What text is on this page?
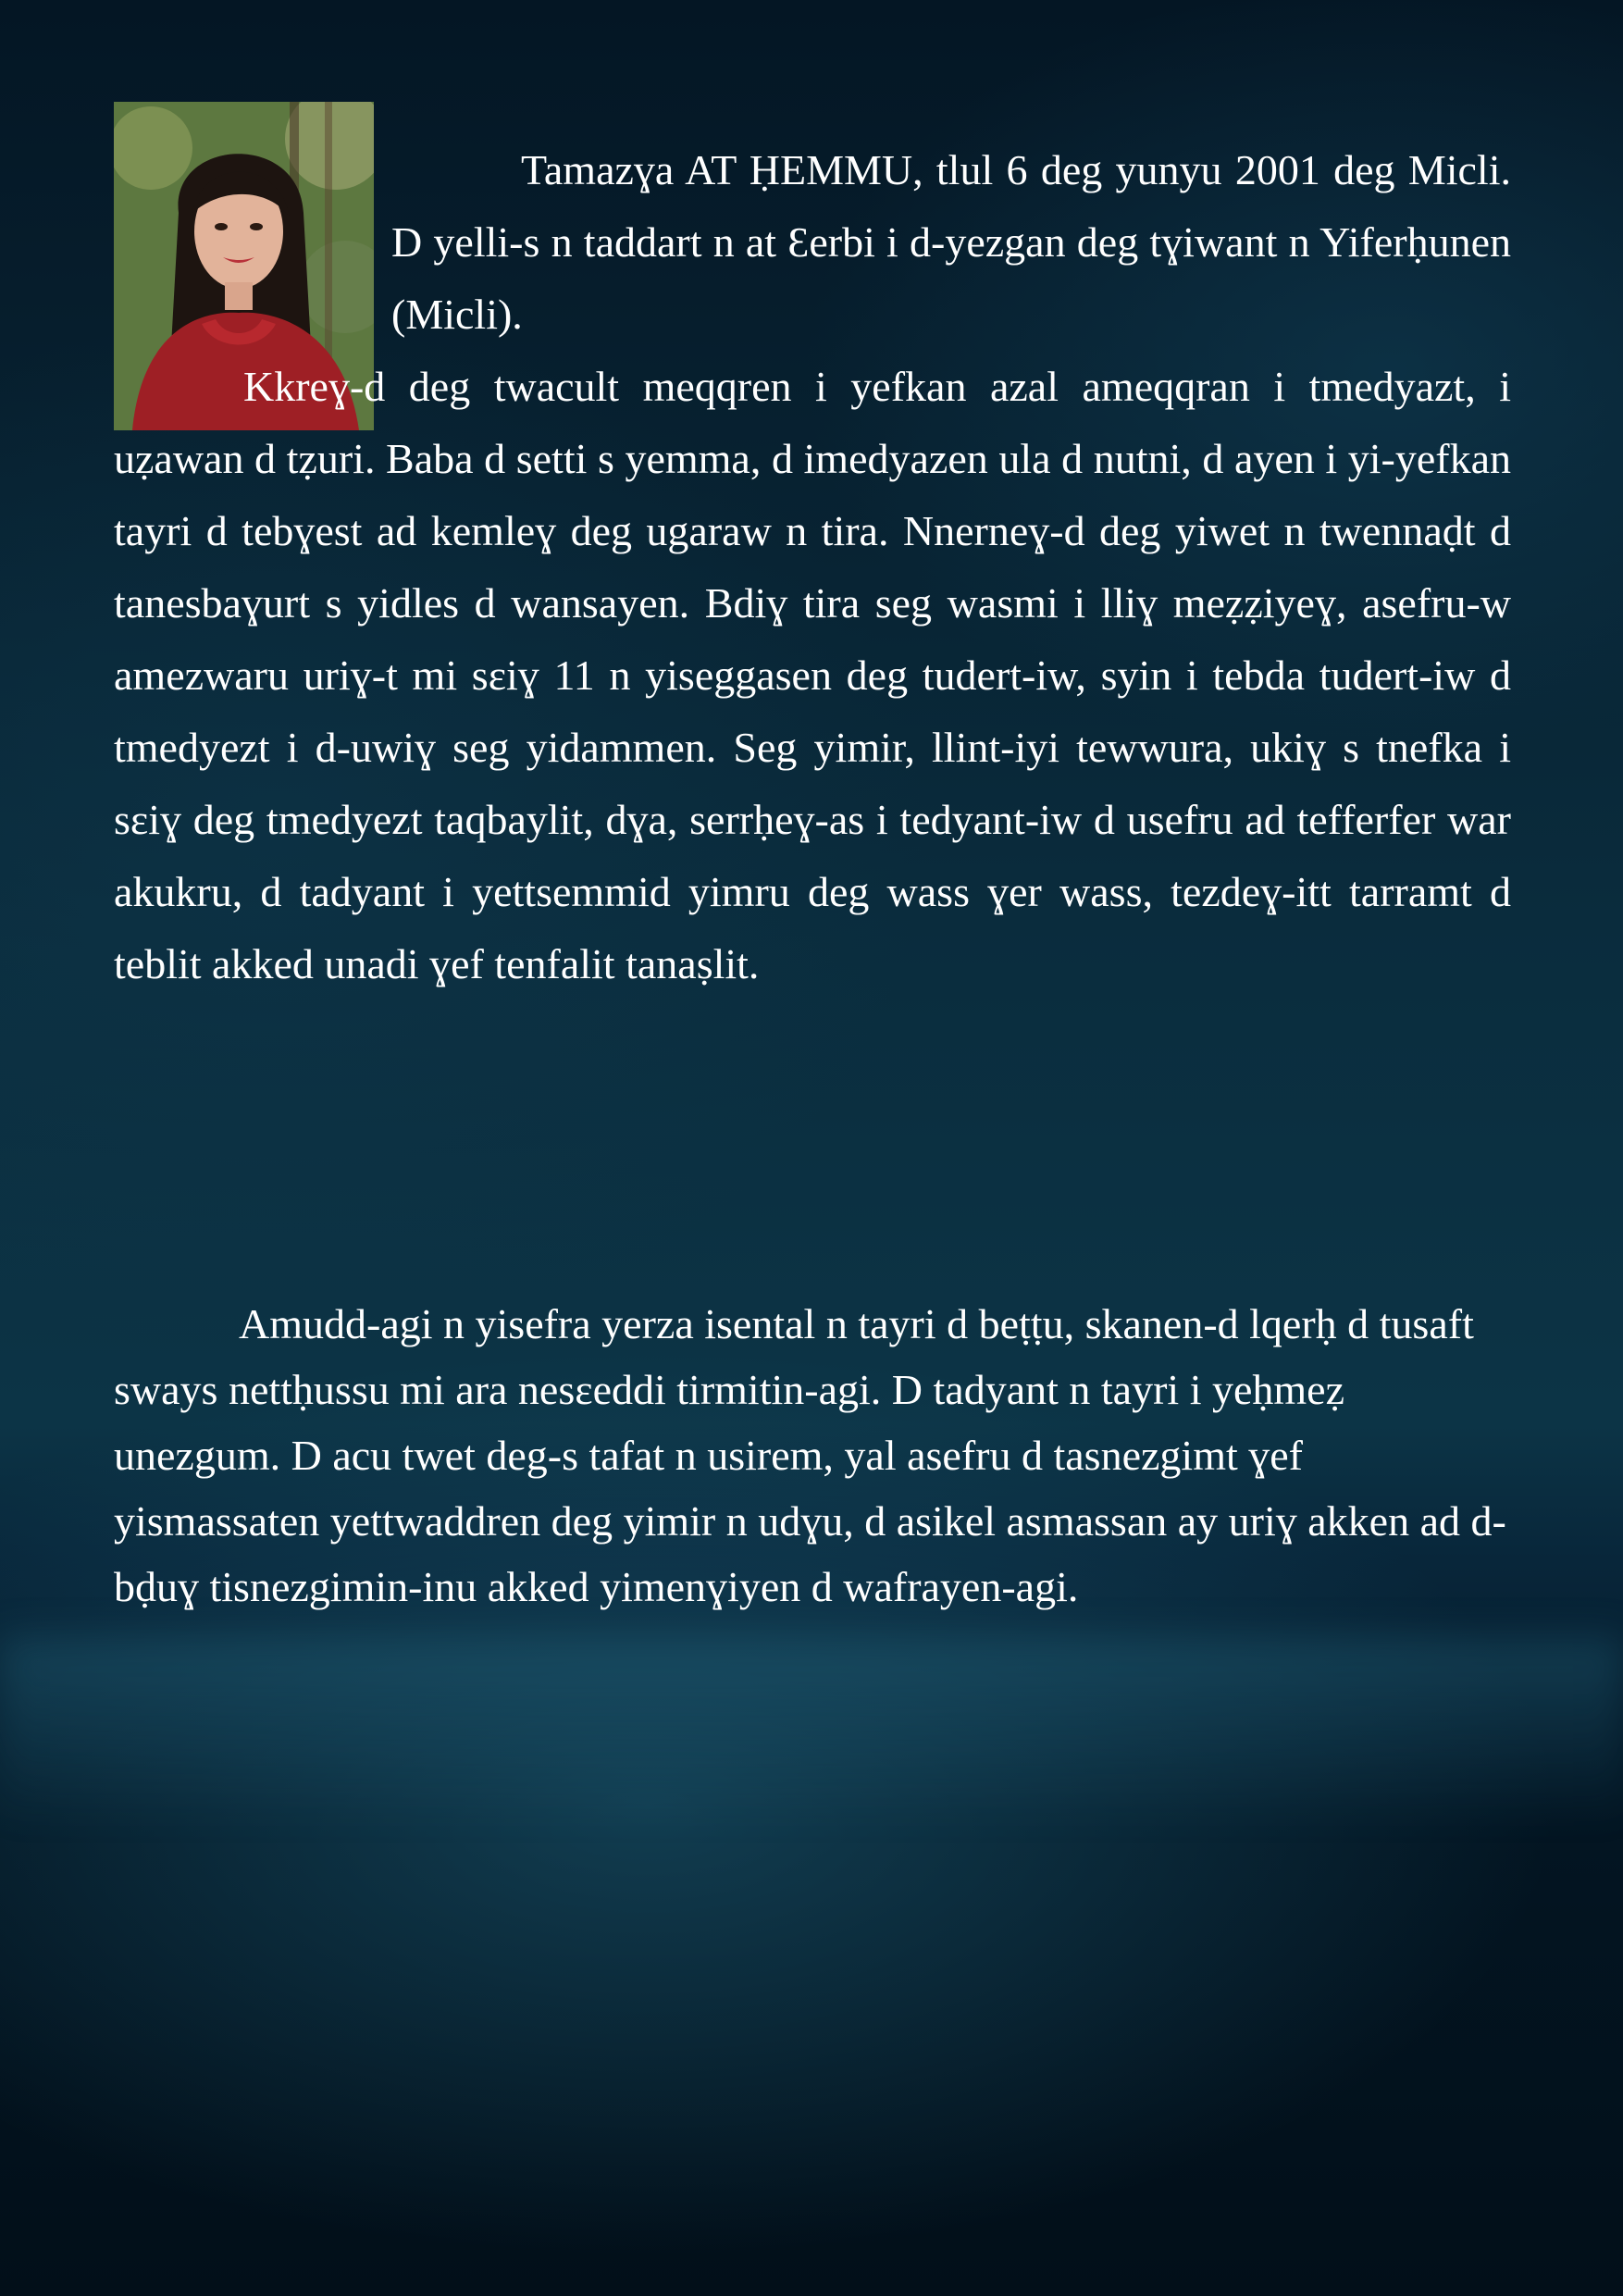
Tamazɣa AT ḤEMMU, tlul 6 deg yunyu 2001 deg Micli. D yelli-s n taddart n at Ɛerbi i d-yezgan deg tɣiwant n Yiferḥunen (Micli).

Kkreɣ-d deg twacult meqqren i yefkan azal ameqqran i tmedyazt, i uẓawan d tẓuri. Baba d setti s yemma, d imedyazen ula d nutni, d ayen i yi-yefkan tayri d tebɣest ad kemleɣ deg ugaraw n tira. Nnerneɣ-d deg yiwet n twennaḍt d tanesbaɣurt s yidles d wansayen. Bdiɣ tira seg wasmi i lliɣ meẓẓiyeɣ, asefru-w amezwaru uriɣ-t mi sɛiɣ 11 n yiseggasen deg tudert-iw, syin i tebda tudert-iw d tmedyezt i d-uwiɣ seg yidammen. Seg yimir, llint-iyi tewwura, ukiɣ s tnefka i sɛiɣ deg tmedyezt taqbaylit, dɣa, serrḥeɣ-as i tedyant-iw d usefru ad tefferfer war akukru, d tadyant i yettsemmid yimru deg wass ɣer wass, tezdeɣ-itt tarramt d teblit akked unadi ɣef tenfalit tanaṣlit.

Amudd-agi n yisefra yerza isental n tayri d beṭṭu, skanen-d lqerḥ d tusaft sways nettḥussu mi ara nesɛeddi tirmitin-agi. D tadyant n tayri i yeḥmeẓ unezgum. D acu twet deg-s tafat n usirem, yal asefru d tasnezgimt ɣef yismassaten yettwaddren deg yimir n udɣu, d asikel asmassan ay uriɣ akken ad d-bḍuɣ tisnezgimin-inu akked yimenɣiyen d wafrayen-agi.
